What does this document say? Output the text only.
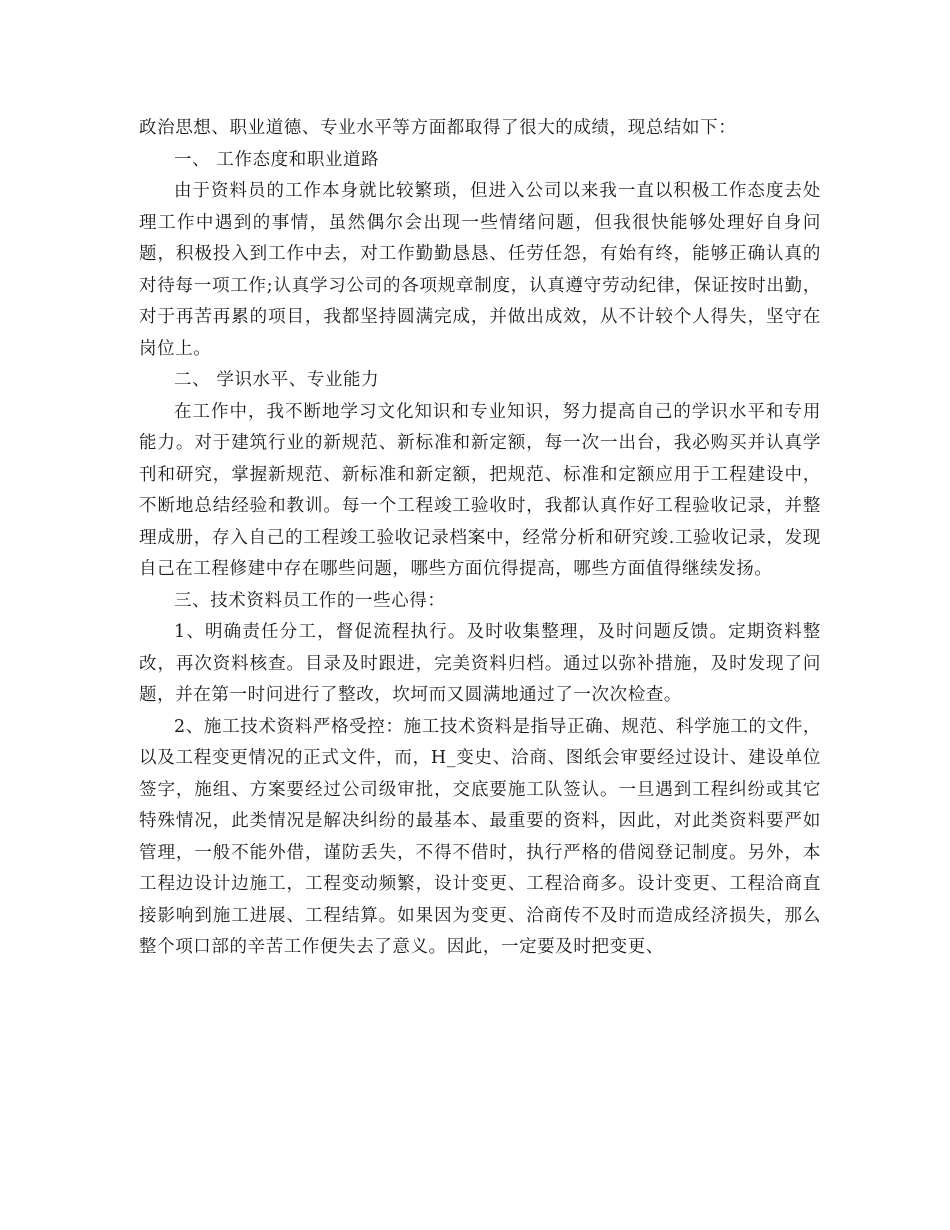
政治思想、职业道德、专业水平等方面都取得了很大的成绩，现总结如下：

一、 工作态度和职业道路

由于资料员的工作本身就比较繁琐，但进入公司以来我一直以积极工作态度去处理工作中遇到的事情，虽然偶尔会出现一些情绪问题，但我很快能够处理好自身问题，积极投入到工作中去，对工作勤勤恳恳、任劳任怨，有始有终，能够正确认真的对待每一项工作;认真学习公司的各项规章制度，认真遵守劳动纪律，保证按时出勤，对于再苦再累的项目，我都坚持圆满完成，并做出成效，从不计较个人得失，坚守在岗位上。

二、 学识水平、专业能力

在工作中，我不断地学习文化知识和专业知识，努力提高自己的学识水平和专用能力。对于建筑行业的新规范、新标准和新定额，每一次一出台，我必购买并认真学刊和研究，掌握新规范、新标准和新定额，把规范、标准和定额应用于工程建设中，不断地总结经验和教训。每一个工程竣工验收时，我都认真作好工程验收记录，并整理成册，存入自己的工程竣工验收记录档案中，经常分析和研究竣.工验收记录，发现自己在工程修建中存在哪些问题，哪些方面伉得提高，哪些方面值得继续发扬。

三、技术资料员工作的一些心得：

1、明确责任分工，督促流程执行。及时收集整理，及时问题反馈。定期资料整改，再次资料核查。目录及时跟进，完美资料归档。通过以弥补措施，及时发现了问题，并在第一时问进行了整改，坎坷而又圆满地通过了一次次检查。

2、施工技术资料严格受控：施工技术资料是指导正确、规范、科学施工的文件，以及工程变更情况的正式文件，而，H_变史、洽商、图纸会审要经过设计、建设单位签字，施组、方案要经过公司级审批，交底要施工队签认。一旦遇到工程纠纷或其它特殊情况，此类情况是解决纠纷的最基本、最重要的资料，因此，对此类资料要严如管理，一般不能外借，谨防丢失，不得不借时，执行严格的借阅登记制度。另外，本工程边设计边施工，工程变动频繁，设计变更、工程洽商多。设计变更、工程洽商直接影响到施工进展、工程结算。如果因为变更、洽商传不及时而造成经济损失，那么整个项口部的辛苦工作便失去了意义。因此，一定要及时把变更、
